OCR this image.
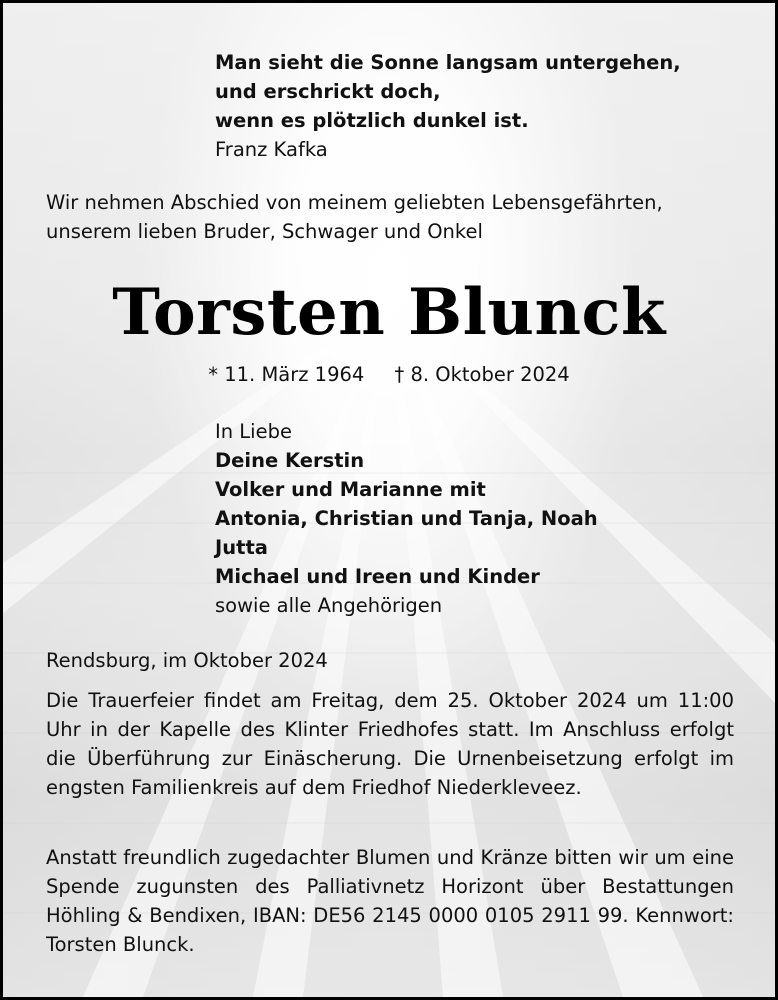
Man sieht die Sonne langsam untergehen,
und erschrickt doch,
wenn es plötzlich dunkel ist.
Franz Kafka
Wir nehmen Abschied von meinem geliebten Lebensgefährten,
unserem lieben Bruder, Schwager und Onkel
Torsten Blunck
* 11. März 1964 † 8. Oktober 2024
In Liebe
Deine Kerstin
Volker und Marianne mit
Antonia, Christian und Tanja, Noah
Jutta
Michael und Ireen und Kinder
sowie alle Angehörigen
Rendsburg, im Oktober 2024
Die Trauerfeier findet am Freitag, dem 25. Oktober 2024 um 11:00 Uhr in der Kapelle des Klinter Friedhofes statt. Im Anschluss erfolgt die Überführung zur Einäscherung. Die Urnenbeisetzung erfolgt im engsten Familienkreis auf dem Friedhof Niederkleveez.
Anstatt freundlich zugedachter Blumen und Kränze bitten wir um eine Spende zugunsten des Palliativnetz Horizont über Bestattungen Höhling & Bendixen, IBAN: DE56 2145 0000 0105 2911 99. Kennwort: Torsten Blunck.
